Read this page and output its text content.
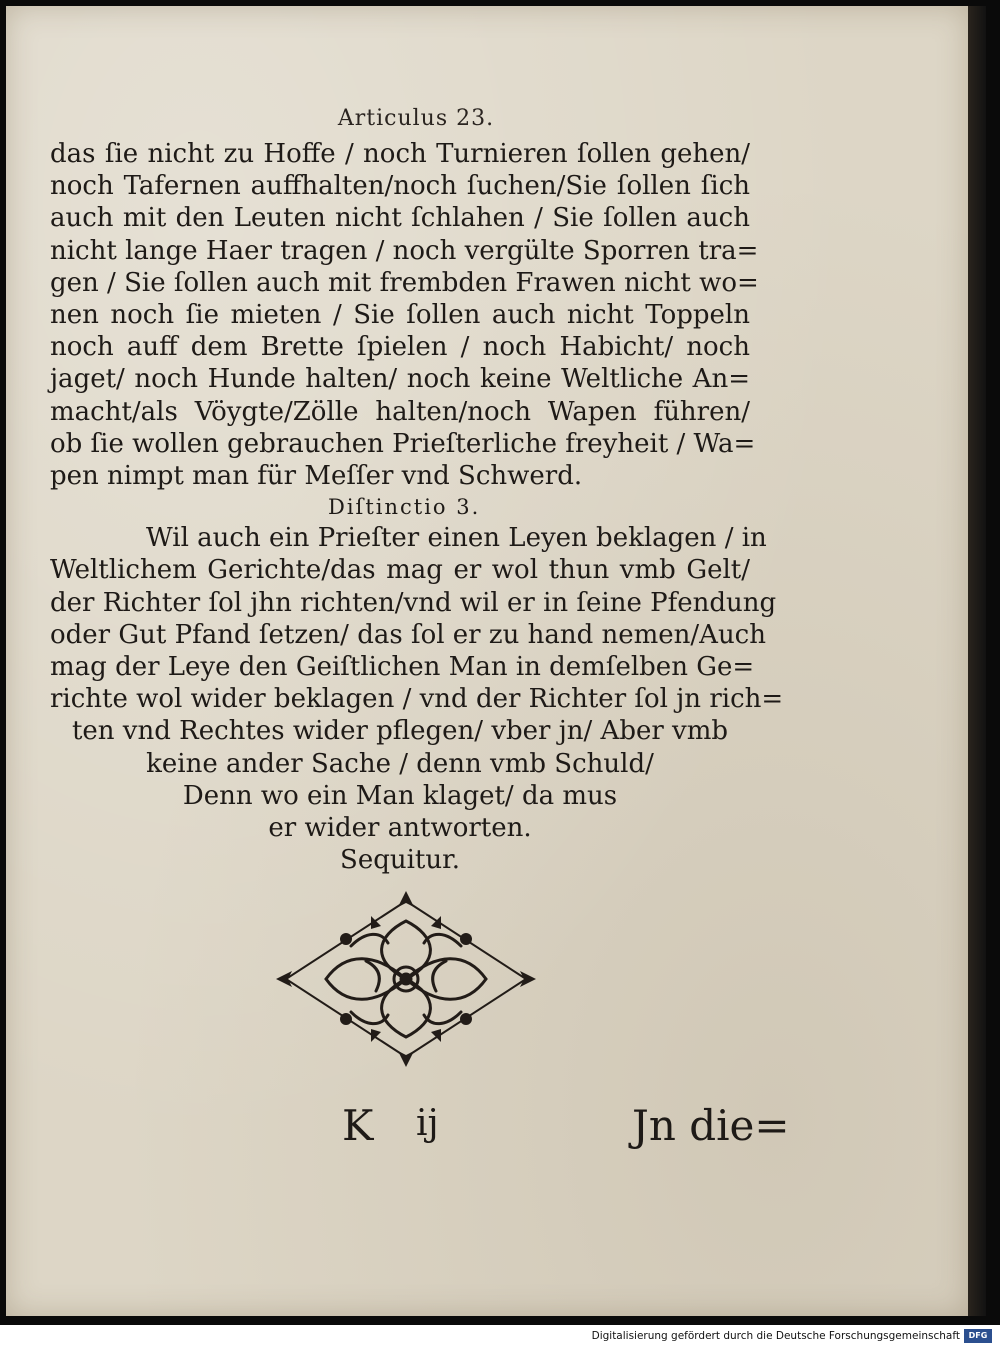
Articulus 23.
das ſie nicht zu Hoffe / noch Turnieren ſollen gehen/
noch Tafernen auffhalten/noch ſuchen/Sie ſollen ſich
auch mit den Leuten nicht ſchlahen / Sie ſollen auch
nicht lange Haer tragen / noch vergülte Sporren tra=
gen / Sie ſollen auch mit frembden Frawen nicht wo=
nen noch ſie mieten / Sie ſollen auch nicht Toppeln
noch auff dem Brette ſpielen / noch Habicht/ noch
jaget/ noch Hunde halten/ noch keine Weltliche An=
macht/als Vöygte/Zölle halten/noch Wapen führen/
ob ſie wollen gebrauchen Prieſterliche freyheit / Wa=
pen nimpt man für Meſſer vnd Schwerd.
Diſtinctio 3.
Wil auch ein Prieſter einen Leyen beklagen / in
Weltlichem Gerichte/das mag er wol thun vmb Gelt/
der Richter ſol jhn richten/vnd wil er in ſeine Pfendung
oder Gut Pfand ſetzen/ das ſol er zu hand nemen/Auch
mag der Leye den Geiſtlichen Man in demſelben Ge=
richte wol wider beklagen / vnd der Richter ſol jn rich=
ten vnd Rechtes wider pflegen/ vber jn/ Aber vmb
keine ander Sache / denn vmb Schuld/
Denn wo ein Man klaget/ da mus
er wider antworten.
Sequitur.
K ij	Jn die=
Digitalisierung gefördert durch die Deutsche Forschungsgemeinschaft	DFG
